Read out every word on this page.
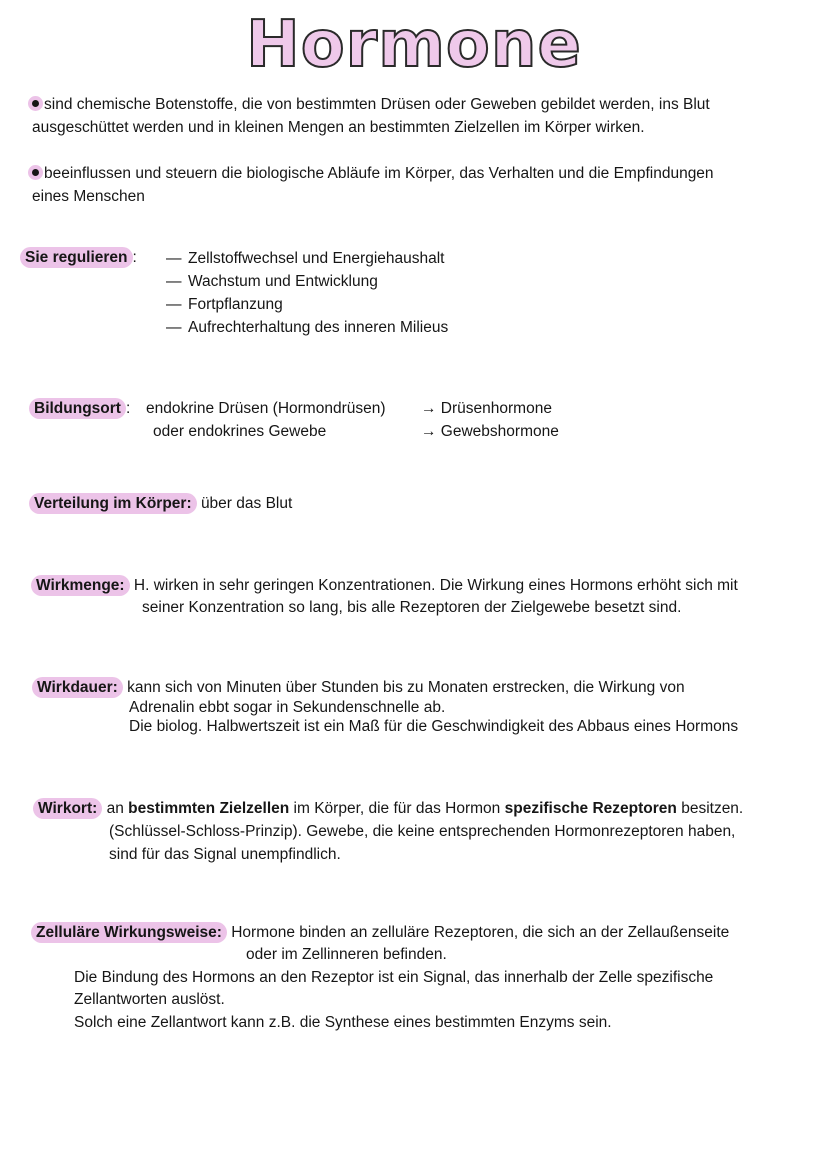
Hormone
sind chemische Botenstoffe, die von bestimmten Drüsen oder Geweben gebildet werden, ins Blut
ausgeschüttet werden und in kleinen Mengen an bestimmten Zielzellen im Körper wirken.
beeinflussen und steuern die biologische Abläufe im Körper, das Verhalten und die Empfindungen
eines Menschen
Sie regulieren : — Zellstoffwechsel und Energiehaushalt
— Wachstum und Entwicklung
— Fortpflanzung
— Aufrechterhaltung des inneren Milieus
Bildungsort : endokrine Drüsen (Hormondrüsen) → Drüsenhormone
oder endokrines Gewebe	→ Gewebshormone
Verteilung im Körper: über das Blut
Wirkmenge: H. wirken in sehr geringen Konzentrationen. Die Wirkung eines Hormons erhöht sich mit
seiner Konzentration so lang, bis alle Rezeptoren der Zielgewebe besetzt sind.
Wirkdauer: kann sich von Minuten über Stunden bis zu Monaten erstrecken, die Wirkung von
Adrenalin ebbt sogar in Sekundenschnelle ab.
Die biolog. Halbwertszeit ist ein Maß für die Geschwindigkeit des Abbaus eines Hormons
Wirkort: an bestimmten Zielzellen im Körper, die für das Hormon spezifische Rezeptoren besitzen.
(Schlüssel-Schloss-Prinzip). Gewebe, die keine entsprechenden Hormonrezeptoren haben,
sind für das Signal unempfindlich.
Zelluläre Wirkungsweise: Hormone binden an zelluläre Rezeptoren, die sich an der Zellaußenseite
oder im Zellinneren befinden.
Die Bindung des Hormons an den Rezeptor ist ein Signal, das innerhalb der Zelle spezifische
Zellantworten auslöst.
Solch eine Zellantwort kann z.B. die Synthese eines bestimmten Enzyms sein.
